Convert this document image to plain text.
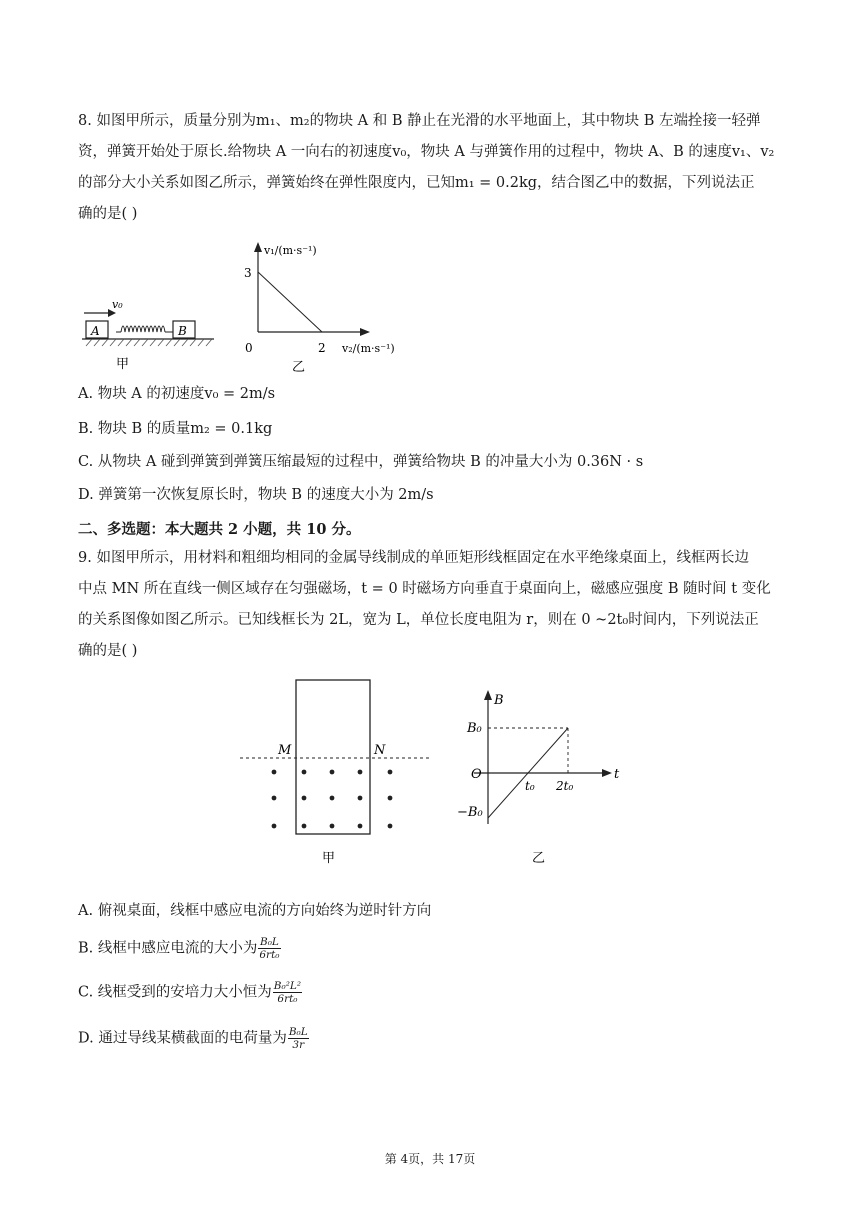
8. 如图甲所示，质量分别为m₁、m₂的物块 A 和 B 静止在光滑的水平地面上，其中物块 B 左端拴接一轻弹
资，弹簧开始处于原长.给物块 A 一向右的初速度v₀，物块 A 与弹簧作用的过程中，物块 A、B 的速度v₁、v₂
的部分大小关系如图乙所示，弹簧始终在弹性限度内，已知m₁ = 0.2kg，结合图乙中的数据，下列说法正
确的是( )
v₀
A	B
甲
v₁/(m·s⁻¹)
v₂/(m·s⁻¹)
3
2
0
乙
A. 物块 A 的初速度v₀ = 2m/s
B. 物块 B 的质量m₂ = 0.1kg
C. 从物块 A 碰到弹簧到弹簧压缩最短的过程中，弹簧给物块 B 的冲量大小为 0.36N · s
D. 弹簧第一次恢复原长时，物块 B 的速度大小为 2m/s
二、多选题：本大题共 2 小题，共 10 分。
9. 如图甲所示，用材料和粗细均相同的金属导线制成的单匝矩形线框固定在水平绝缘桌面上，线框两长边
中点 MN 所在直线一侧区域存在匀强磁场，t = 0 时磁场方向垂直于桌面向上，磁感应强度 B 随时间 t 变化
的关系图像如图乙所示。已知线框长为 2L，宽为 L，单位长度电阻为 r，则在 0 ~2t₀时间内，下列说法正
确的是( )
M	N
甲
B
t
O
B₀
−B₀
t₀ 2t₀
乙
A. 俯视桌面，线框中感应电流的方向始终为逆时针方向
B. 线框中感应电流的大小为 $\frac{\text{B₀L}}{\text{6rt₀}}$
C. 线框受到的安培力大小恒为 $\frac{\text{B₀²L²}}{\text{6rt₀}}$
D. 通过导线某横截面的电荷量为 $\frac{\text{B₀L}}{3r}$
第 4页，共 17页
